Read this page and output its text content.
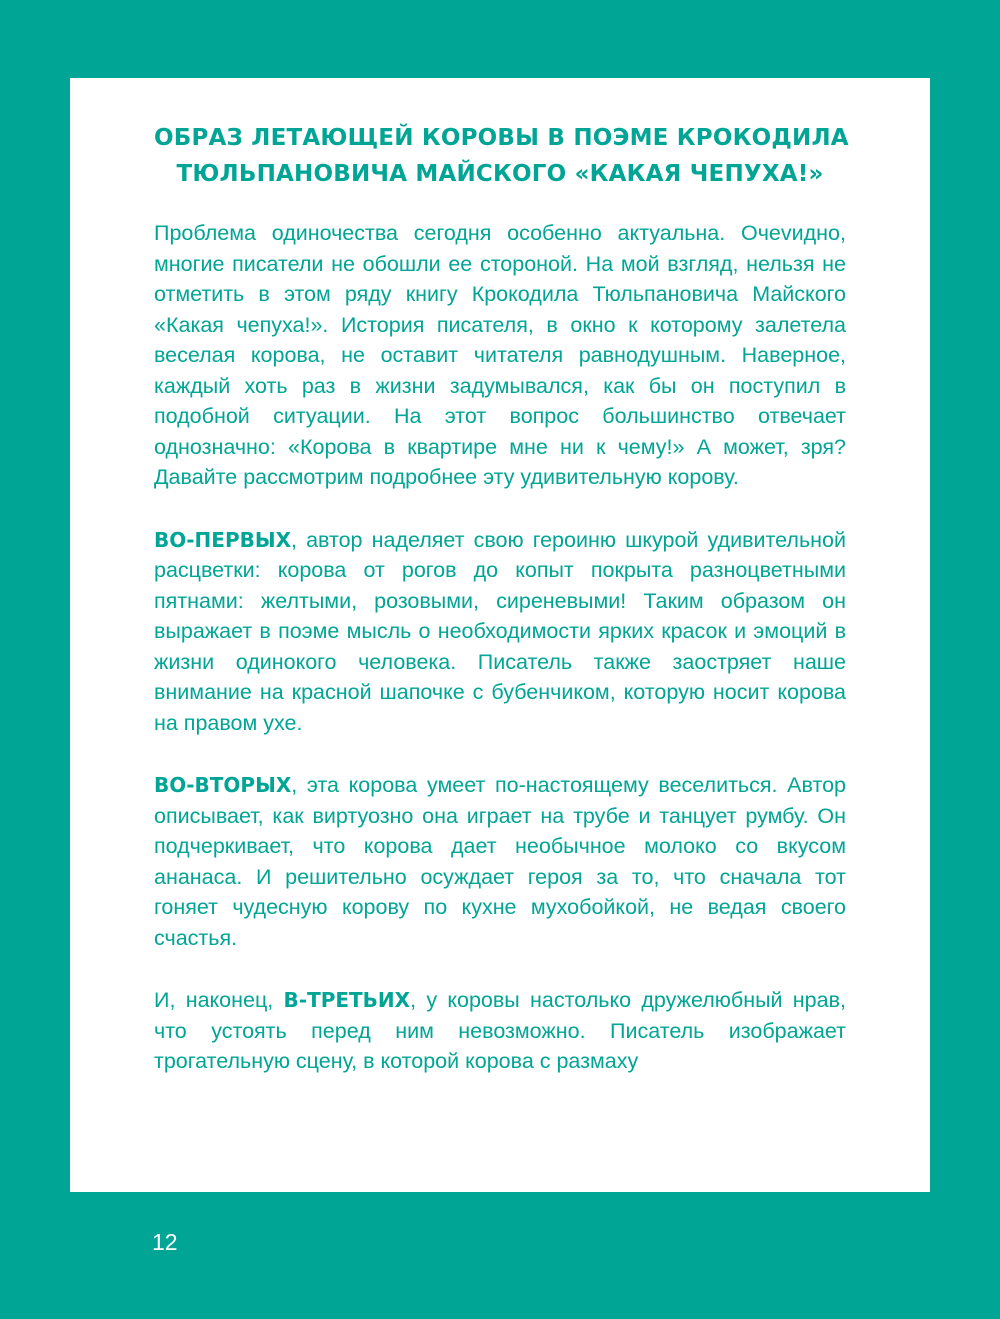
ОБРАЗ ЛЕТАЮЩЕЙ КОРОВЫ В ПОЭМЕ КРОКОДИЛА
ТЮЛЬПАНОВИЧА МАЙСКОГО «КАКАЯ ЧЕПУХА!»

Проблема одиночества сегодня особенно актуальна. Очеvидно, многие писатели не обошли ее стороной. На мой взгляд, нельзя не отметить в этом ряду книгу Крокодила Тюльпановича Майского «Какая чепуха!». История писателя, в окно к которому залетела веселая корова, не оставит читателя равнодушным. Наверное, каждый хоть раз в жизни задумывался, как бы он поступил в подобной ситуации. На этот вопрос большинство отвечает однозначно: «Корова в квартире мне ни к чему!» А может, зря? Давайте рассмотрим подробнее эту удивительную корову.

ВО-ПЕРВЫХ, автор наделяет свою героиню шкурой удивительной расцветки: корова от рогов до копыт покрыта разноцветными пятнами: желтыми, розовыми, сиреневыми! Таким образом он выражает в поэме мысль о необходимости ярких красок и эмоций в жизни одинокого человека. Писатель также заостряет наше внимание на красной шапочке с бубенчиком, которую носит корова на правом ухе.

ВО-ВТОРЫХ, эта корова умеет по-настоящему веселиться. Автор описывает, как виртуозно она играет на трубе и танцует румбу. Он подчеркивает, что корова дает необычное молоко со вкусом ананаса. И решительно осуждает героя за то, что сначала тот гоняет чудесную корову по кухне мухобойкой, не ведая своего счастья.

И, наконец, В-ТРЕТЬИХ, у коровы настолько дружелюбный нрав, что устоять перед ним невозможно. Писатель изображает трогательную сцену, в которой корова с размаху

12
